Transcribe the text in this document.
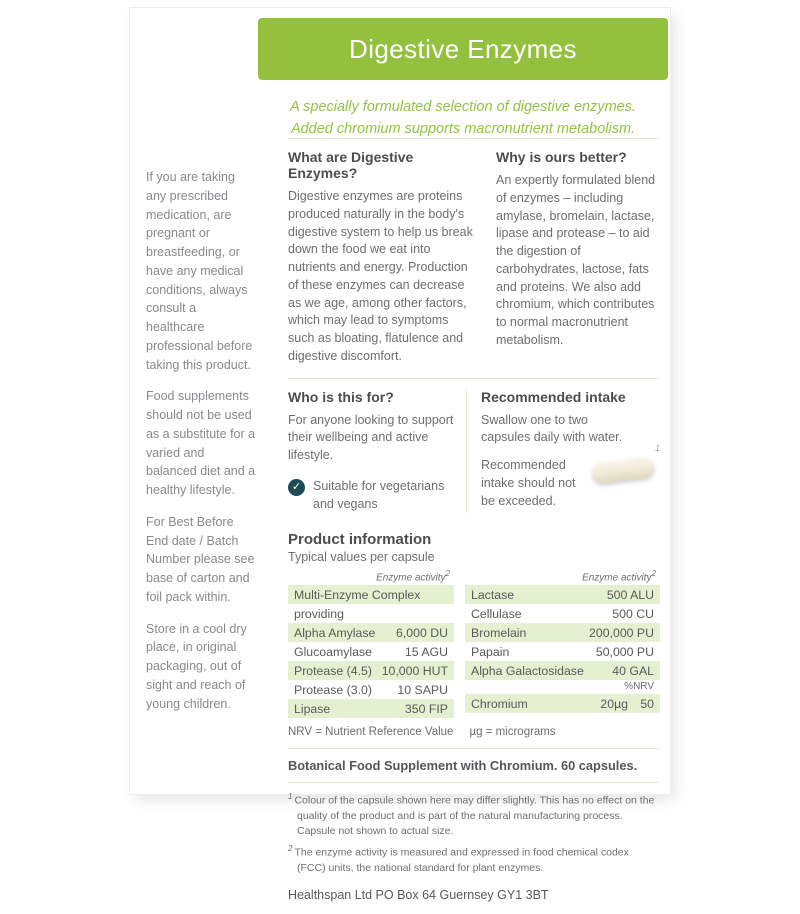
Digestive Enzymes
A specially formulated selection of digestive enzymes.
Added chromium supports macronutrient metabolism.

If you are taking any prescribed medication, are pregnant or breastfeeding, or have any medical conditions, always consult a healthcare professional before taking this product.

Food supplements should not be used as a substitute for a varied and balanced diet and a healthy lifestyle.

For Best Before End date / Batch Number please see base of carton and foil pack within.

Store in a cool dry place, in original packaging, out of sight and reach of young children.

What are Digestive Enzymes?

Digestive enzymes are proteins produced naturally in the body's digestive system to help us break down the food we eat into nutrients and energy. Production of these enzymes can decrease as we age, among other factors, which may lead to symptoms such as bloating, flatulence and digestive discomfort.

Why is ours better?

An expertly formulated blend of enzymes – including amylase, bromelain, lactase, lipase and protease – to aid the digestion of carbohydrates, lactose, fats and proteins. We also add chromium, which contributes to normal macronutrient metabolism.

Who is this for?

For anyone looking to support their wellbeing and active lifestyle.

✓ Suitable for vegetarians and vegans
Recommended intake

Swallow one to two capsules daily with water.

Recommended intake should not be exceeded.

1
Product information

Typical values per capsule

Enzyme activity$^2$
Multi-Enzyme Complex
providing
Alpha Amylase 6,000 DU
Glucoamylase	15 AGU
Protease (4.5) 10,000 HUT
Protease (3.0) 10 SAPU
Lipase	350 FIP
Enzyme activity$^2$
Lactase	500 ALU
Cellulase	500 CU
Bromelain	200,000 PU
Papain	50,000 PU
Alpha Galactosidase 40 GAL
%NRV
Chromium	20µg	50

NRV = Nutrient Reference Value µg = micrograms

Botanical Food Supplement with Chromium. 60 capsules.

$^1$ Colour of the capsule shown here may differ slightly. This has no effect on the quality of the product and is part of the natural manufacturing process. Capsule not shown to actual size.

$^2$ The enzyme activity is measured and expressed in food chemical codex (FCC) units, the national standard for plant enzymes.

Healthspan Ltd PO Box 64 Guernsey GY1 3BT
